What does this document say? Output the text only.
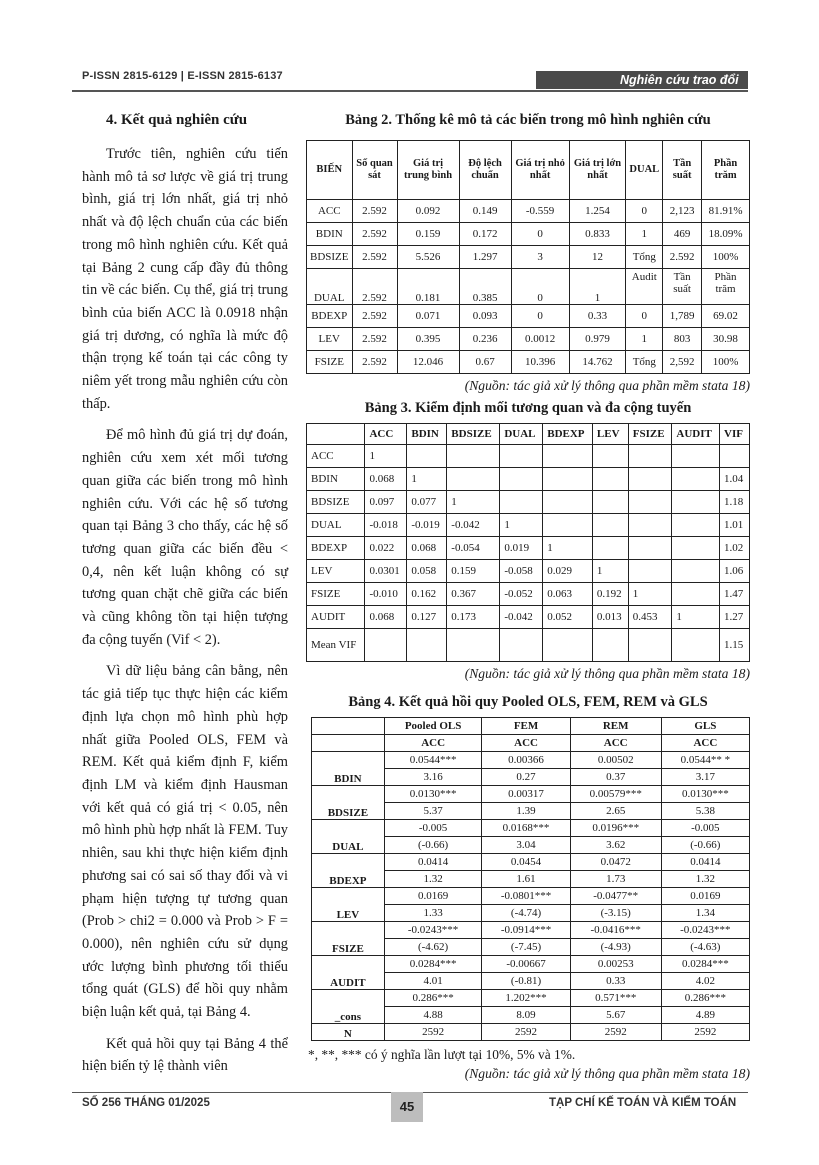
P-ISSN 2815-6129 | E-ISSN 2815-6137	Nghiên cứu trao đổi
4. Kết quả nghiên cứu

Trước tiên, nghiên cứu tiến hành mô tả sơ lược về giá trị trung bình, giá trị lớn nhất, giá trị nhỏ nhất và độ lệch chuẩn của các biến trong mô hình nghiên cứu. Kết quả tại Bảng 2 cung cấp đầy đủ thông tin về các biến. Cụ thể, giá trị trung bình của biến ACC là 0.0918 nhận giá trị dương, có nghĩa là mức độ thận trọng kế toán tại các công ty niêm yết trong mẫu nghiên cứu còn thấp.

Để mô hình đủ giá trị dự đoán, nghiên cứu xem xét mối tương quan giữa các biến trong mô hình nghiên cứu. Với các hệ số tương quan tại Bảng 3 cho thấy, các hệ số tương quan giữa các biến đều < 0,4, nên kết luận không có sự tương quan chặt chẽ giữa các biến và cũng không tồn tại hiện tượng đa cộng tuyến (Vif < 2).

Vì dữ liệu bảng cân bằng, nên tác giả tiếp tục thực hiện các kiểm định lựa chọn mô hình phù hợp nhất giữa Pooled OLS, FEM và REM. Kết quả kiểm định F, kiểm định LM và kiểm định Hausman với kết quả có giá trị < 0.05, nên mô hình phù hợp nhất là FEM. Tuy nhiên, sau khi thực hiện kiểm định phương sai có sai số thay đổi và vi phạm hiện tượng tự tương quan (Prob > chi2 = 0.000 và Prob > F = 0.000), nên nghiên cứu sử dụng ước lượng bình phương tối thiểu tổng quát (GLS) để hồi quy nhằm biện luận kết quả, tại Bảng 4.

Kết quả hồi quy tại Bảng 4 thể hiện biến tỷ lệ thành viên

Bảng 2. Thống kê mô tả các biến trong mô hình nghiên cứu

BIẾN	Số quan sát	Giá trị trung bình	Độ lệch chuẩn	Giá trị nhỏ nhất	Giá trị lớn nhất	DUAL	Tần suất	Phần trăm
ACC	2.592	0.092	0.149	-0.559	1.254	0	2,123	81.91%
BDIN	2.592	0.159	0.172	0	0.833	1	469	18.09%
BDSIZE	2.592	5.526	1.297	3	12	Tổng	2.592	100%
DUAL	2.592	0.181	0.385	0	1	Audit	Tần suất	Phần trăm
BDEXP	2.592	0.071	0.093	0	0.33	0	1,789	69.02
LEV	2.592	0.395	0.236	0.0012	0.979	1	803	30.98
FSIZE	2.592	12.046	0.67	10.396	14.762	Tổng	2,592	100%

(Nguồn: tác giả xử lý thông qua phần mềm stata 18)

Bảng 3. Kiểm định mối tương quan và đa cộng tuyến

	ACC	BDIN	BDSIZE	DUAL	BDEXP	LEV	FSIZE	AUDIT	VIF
ACC	1								
BDIN	0.068	1							1.04
BDSIZE	0.097	0.077	1						1.18
DUAL	-0.018	-0.019	-0.042	1					1.01
BDEXP	0.022	0.068	-0.054	0.019	1				1.02
LEV	0.0301	0.058	0.159	-0.058	0.029	1			1.06
FSIZE	-0.010	0.162	0.367	-0.052	0.063	0.192	1		1.47
AUDIT	0.068	0.127	0.173	-0.042	0.052	0.013	0.453	1	1.27
Mean VIF									1.15

(Nguồn: tác giả xử lý thông qua phần mềm stata 18)

Bảng 4. Kết quả hồi quy Pooled OLS, FEM, REM và GLS

	Pooled OLS	FEM	REM	GLS
	ACC	ACC	ACC	ACC
BDIN	0.0544***	0.00366	0.00502	0.0544** *
	3.16	0.27	0.37	3.17
BDSIZE	0.0130***	0.00317	0.00579***	0.0130***
	5.37	1.39	2.65	5.38
DUAL	-0.005	0.0168***	0.0196***	-0.005
	(-0.66)	3.04	3.62	(-0.66)
BDEXP	0.0414	0.0454	0.0472	0.0414
	1.32	1.61	1.73	1.32
LEV	0.0169	-0.0801***	-0.0477**	0.0169
	1.33	(-4.74)	(-3.15)	1.34
FSIZE	-0.0243***	-0.0914***	-0.0416***	-0.0243***
	(-4.62)	(-7.45)	(-4.93)	(-4.63)
AUDIT	0.0284***	-0.00667	0.00253	0.0284***
	4.01	(-0.81)	0.33	4.02
_cons	0.286***	1.202***	0.571***	0.286***
	4.88	8.09	5.67	4.89
N	2592	2592	2592	2592

*, **, *** có ý nghĩa lần lượt tại 10%, 5% và 1%.

(Nguồn: tác giả xử lý thông qua phần mềm stata 18)

SỐ 256 THÁNG 01/2025	45	TẠP CHÍ KẾ TOÁN VÀ KIỂM TOÁN
